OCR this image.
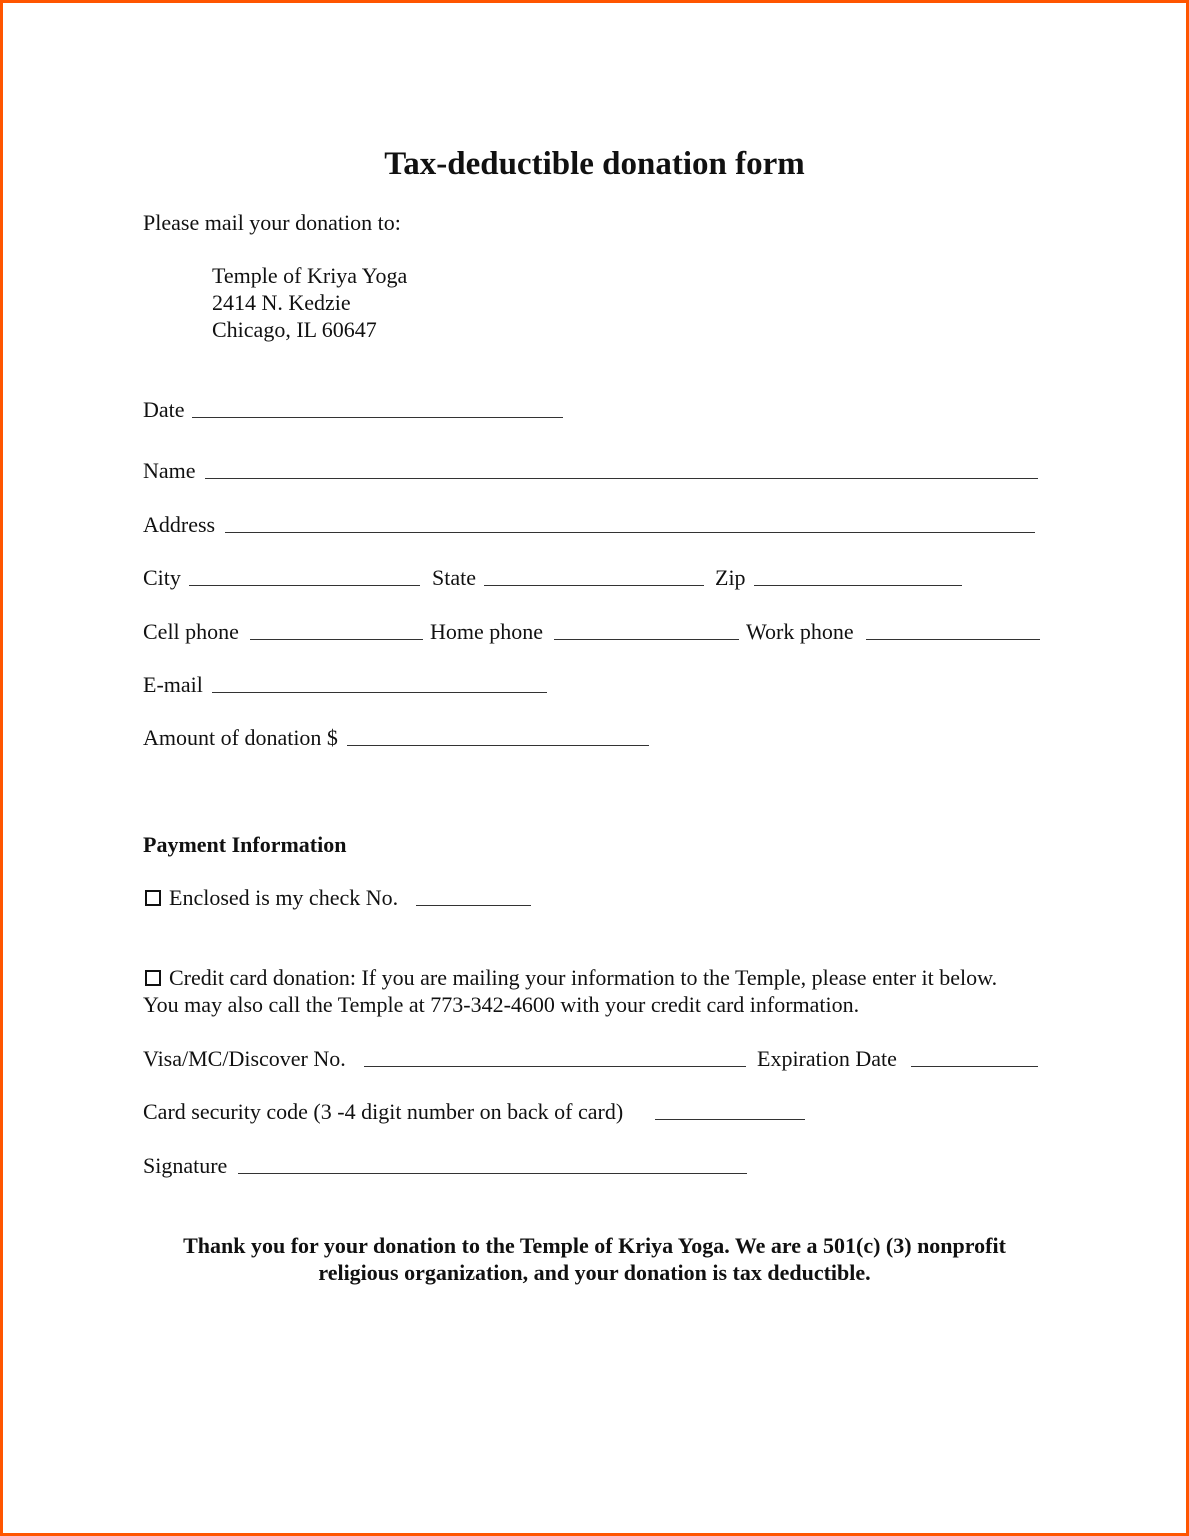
Tax-deductible donation form
Please mail your donation to:
Temple of Kriya Yoga
2414 N. Kedzie
Chicago, IL 60647
Date
Name
Address
City	State	Zip
Cell phone	Home phone	Work phone
E-mail
Amount of donation $
Payment Information
Enclosed is my check No.
Credit card donation: If you are mailing your information to the Temple, please enter it below.
You may also call the Temple at 773-342-4600 with your credit card information.
Visa/MC/Discover No.	Expiration Date
Card security code (3 -4 digit number on back of card)
Signature
Thank you for your donation to the Temple of Kriya Yoga. We are a 501(c) (3) nonprofit
religious organization, and your donation is tax deductible.
